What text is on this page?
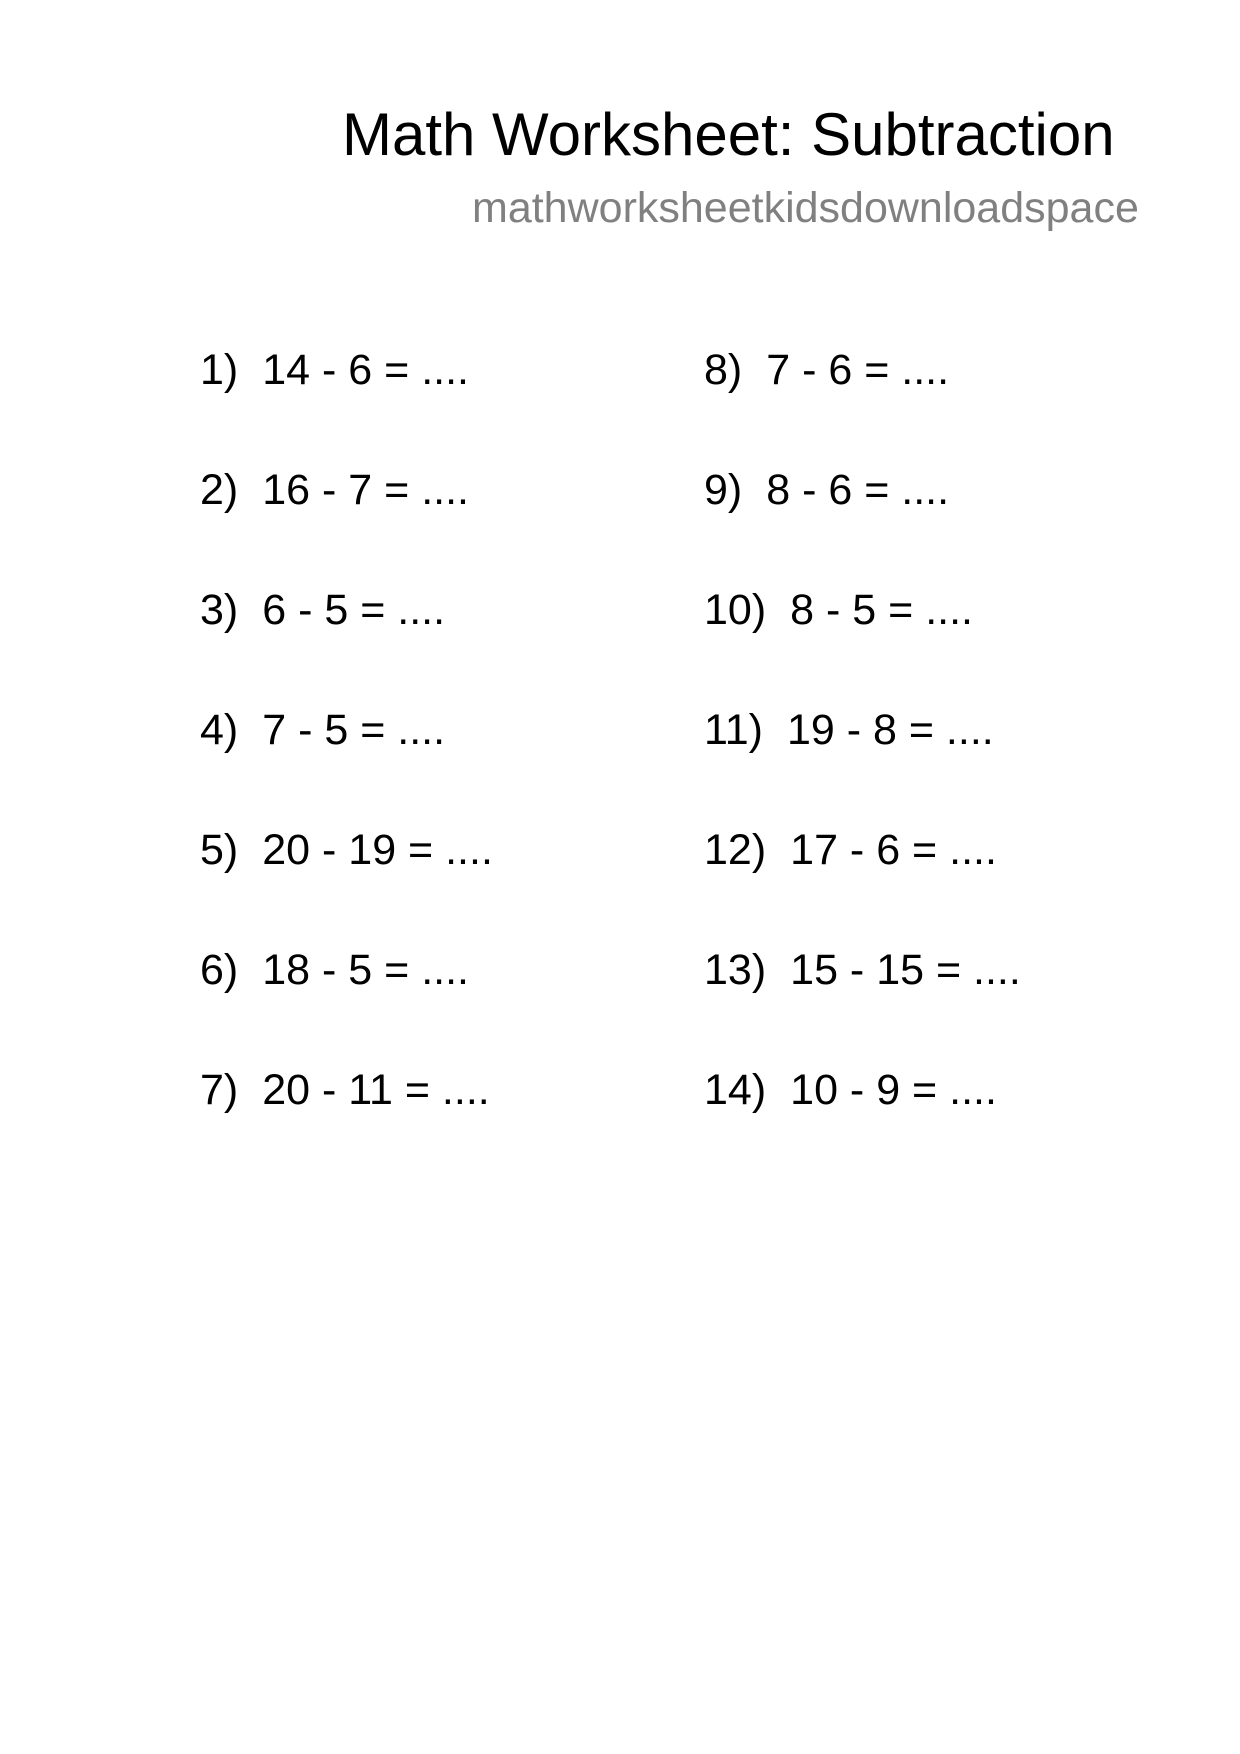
Math Worksheet: Subtraction
mathworksheetkidsdownloadspace
1) 14 - 6 = ....
2) 16 - 7 = ....
3) 6 - 5 = ....
4) 7 - 5 = ....
5) 20 - 19 = ....
6) 18 - 5 = ....
7) 20 - 11 = ....
8) 7 - 6 = ....
9) 8 - 6 = ....
10) 8 - 5 = ....
11) 19 - 8 = ....
12) 17 - 6 = ....
13) 15 - 15 = ....
14) 10 - 9 = ....
